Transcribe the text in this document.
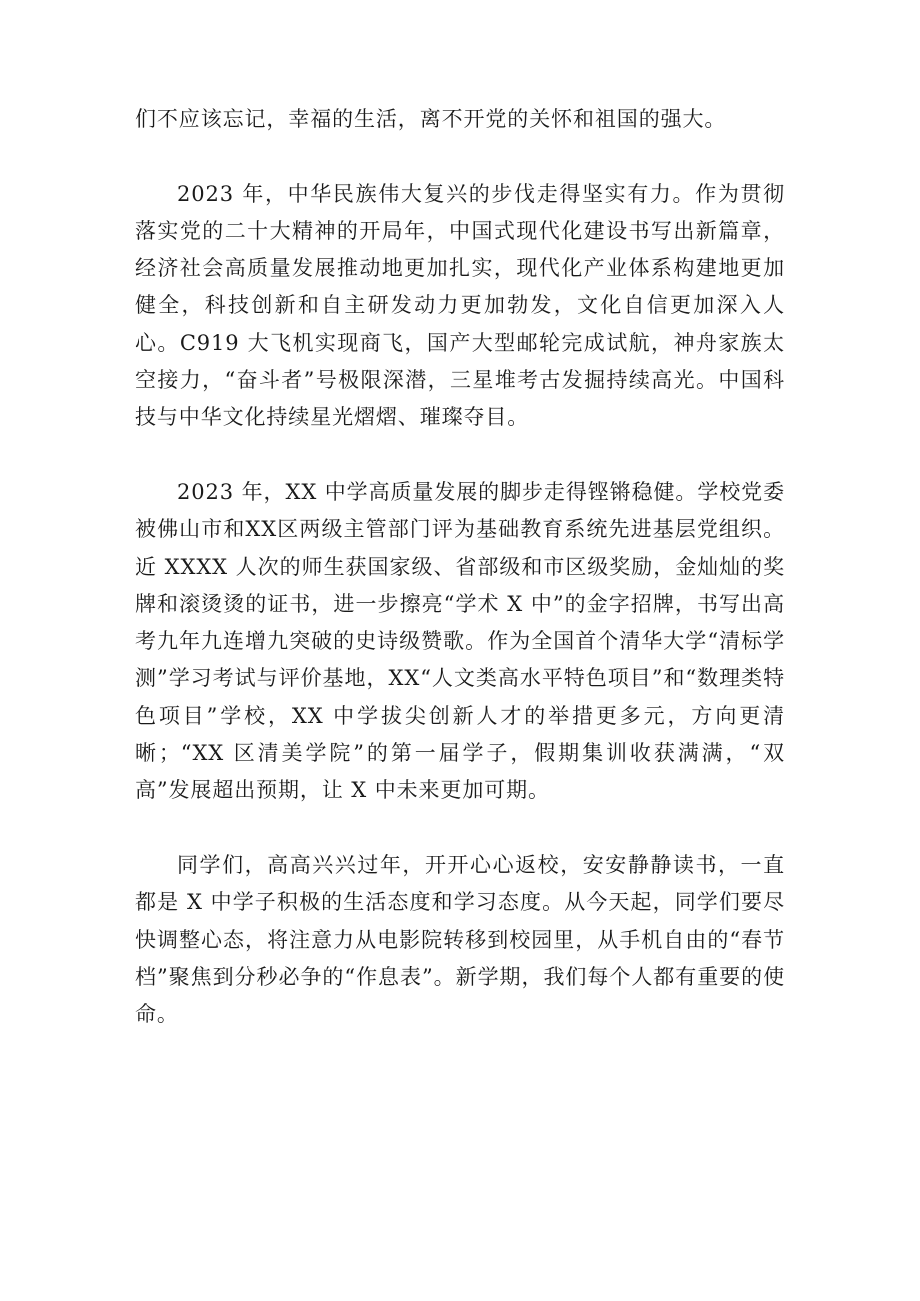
们不应该忘记，幸福的生活，离不开党的关怀和祖国的强大。

2023 年，中华民族伟大复兴的步伐走得坚实有力。作为贯彻落实党的二十大精神的开局年，中国式现代化建设书写出新篇章，经济社会高质量发展推动地更加扎实，现代化产业体系构建地更加健全，科技创新和自主研发动力更加勃发，文化自信更加深入人心。C919 大飞机实现商飞，国产大型邮轮完成试航，神舟家族太空接力，“奋斗者”号极限深潜，三星堆考古发掘持续高光。中国科技与中华文化持续星光熠熠、璀璨夺目。

2023 年，XX 中学高质量发展的脚步走得铿锵稳健。学校党委被佛山市和XX区两级主管部门评为基础教育系统先进基层党组织。近 XXXX 人次的师生获国家级、省部级和市区级奖励，金灿灿的奖牌和滚烫烫的证书，进一步擦亮“学术 X 中”的金字招牌，书写出高考九年九连增九突破的史诗级赞歌。作为全国首个清华大学“清标学测”学习考试与评价基地，XX“人文类高水平特色项目”和“数理类特色项目”学校，XX 中学拔尖创新人才的举措更多元，方向更清晰；“XX 区清美学院”的第一届学子，假期集训收获满满，“双高”发展超出预期，让 X 中未来更加可期。

同学们，高高兴兴过年，开开心心返校，安安静静读书，一直都是 X 中学子积极的生活态度和学习态度。从今天起，同学们要尽快调整心态，将注意力从电影院转移到校园里，从手机自由的“春节档”聚焦到分秒必争的“作息表”。新学期，我们每个人都有重要的使命。
